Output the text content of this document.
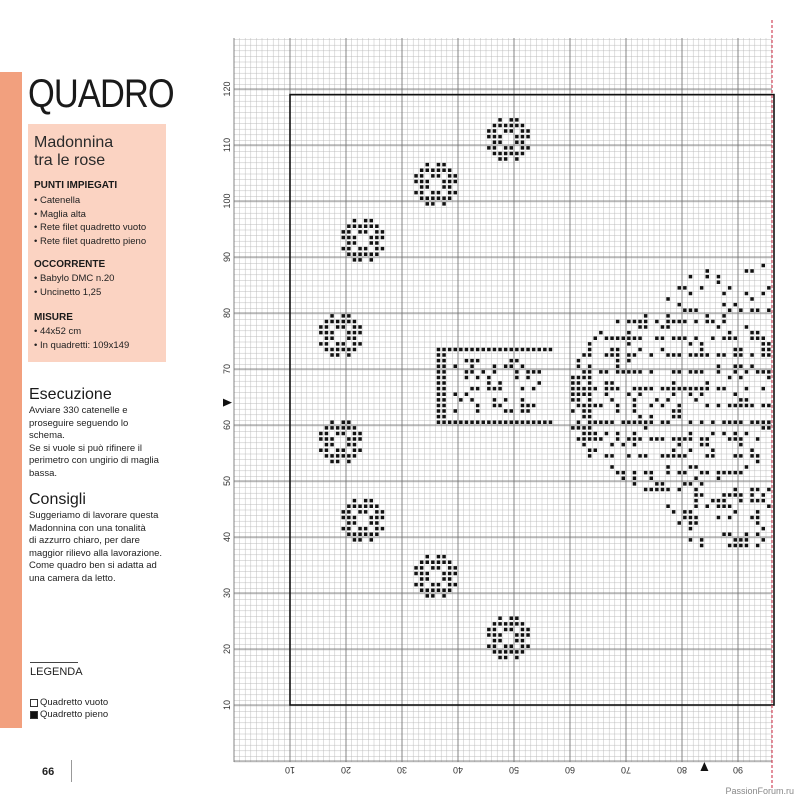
QUADRO
Madonnina
tra le rose
PUNTI IMPIEGATI
• Catenella
• Maglia alta
• Rete filet quadretto vuoto
• Rete filet quadretto pieno
OCCORRENTE
• Babylo DMC n.20
• Uncinetto 1,25
MISURE
• 44x52 cm
• In quadretti: 109x149
Esecuzione
Avviare 330 catenelle e
proseguire seguendo lo
schema.
Se si vuole si può rifinere il
perimetro con ungirio di maglia
bassa.
Consigli
Suggeriamo di lavorare questa
Madonnina con una tonalità
di azzurro chiaro, per dare
maggior rilievo alla lavorazione.
Come quadro ben si adatta ad
una camera da letto.
LEGENDA
Quadretto vuoto
Quadretto pieno
66
PassionForum.ru
10
20
30
40
50
60
70
80
90
100
110
120
10	20	30	40	50	60	70	80	90
